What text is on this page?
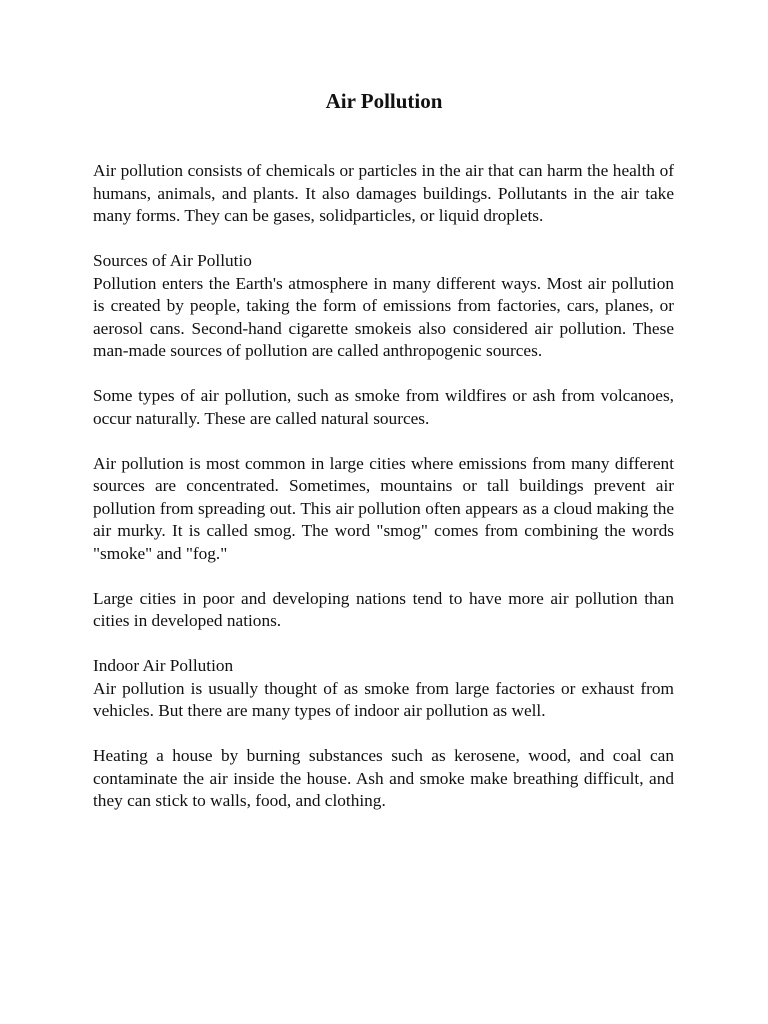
Air Pollution

Air pollution consists of chemicals or particles in the air that can harm the health of humans, animals, and plants. It also damages buildings. Pollutants in the air take many forms. They can be gases, solidparticles, or liquid droplets.

Sources of Air Pollutio

Pollution enters the Earth's atmosphere in many different ways. Most air pollution is created by people, taking the form of emissions from factories, cars, planes, or aerosol cans. Second-hand cigarette smokeis also considered air pollution. These man-made sources of pollution are called anthropogenic sources.

Some types of air pollution, such as smoke from wildfires or ash from volcanoes, occur naturally. These are called natural sources.

Air pollution is most common in large cities where emissions from many different sources are concentrated. Sometimes, mountains or tall buildings prevent air pollution from spreading out. This air pollution often appears as a cloud making the air murky. It is called smog. The word "smog" comes from combining the words "smoke" and "fog."

Large cities in poor and developing nations tend to have more air pollution than cities in developed nations.

Indoor Air Pollution

Air pollution is usually thought of as smoke from large factories or exhaust from vehicles. But there are many types of indoor air pollution as well.

Heating a house by burning substances such as kerosene, wood, and coal can contaminate the air inside the house. Ash and smoke make breathing difficult, and they can stick to walls, food, and clothing.
